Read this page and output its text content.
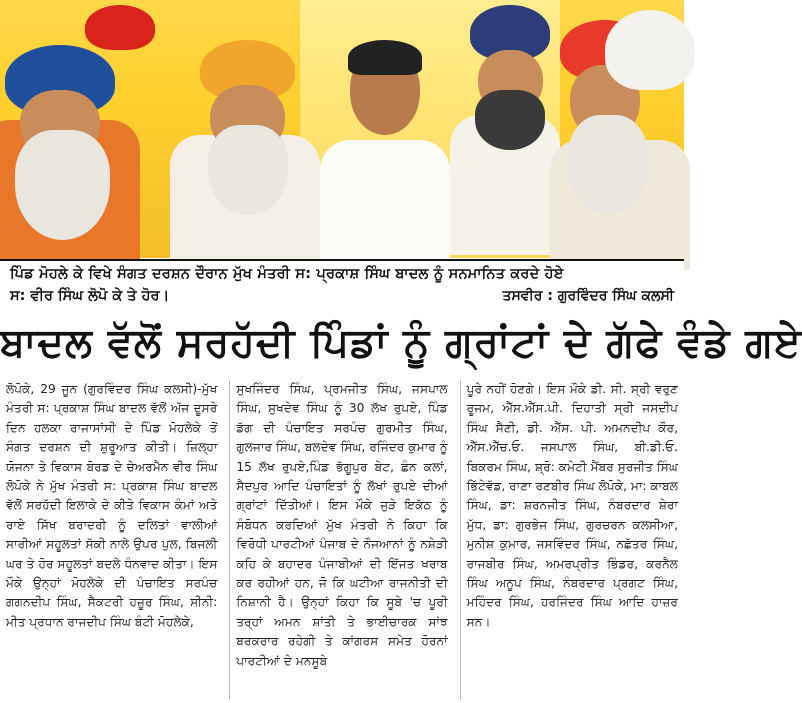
ਪਿੰਡ ਮੋਹਲੇ ਕੇ ਵਿਖੇ ਸੰਗਤ ਦਰਸ਼ਨ ਦੌਰਾਨ ਮੁੱਖ ਮੰਤਰੀ ਸ: ਪ੍ਰਕਾਸ਼ ਸਿੰਘ ਬਾਦਲ ਨੂੰ ਸਨਮਾਨਿਤ ਕਰਦੇ ਹੋਏ
ਸ: ਵੀਰ ਸਿੰਘ ਲੋਪੋ ਕੇ ਤੇ ਹੋਰ।	ਤਸਵੀਰ : ਗੁਰਵਿੰਦਰ ਸਿੰਘ ਕਲਸੀ
ਬਾਦਲ ਵੱਲੋਂ ਸਰਹੱਦੀ ਪਿੰਡਾਂ ਨੂੰ ਗ੍ਰਾਂਟਾਂ ਦੇ ਗੱਫੇ ਵੰਡੇ ਗਏ
ਲੋਪੋਕੇ, 29 ਜੂਨ (ਗੁਰਵਿੰਦਰ ਸਿੰਘ ਕਲਸੀ)-ਮੁੱਖ ਮੰਤਰੀ ਸ: ਪ੍ਰਕਾਸ਼ ਸਿੰਘ ਬਾਦਲ ਵੱਲੋਂ ਅੱਜ ਦੂਸਰੇ ਦਿਨ ਹਲਕਾ ਰਾਜਾਸਾਂਸੀ ਦੇ ਪਿੰਡ ਮੋਹਲੇਕੇ ਤੋਂ ਸੰਗਤ ਦਰਸ਼ਨ ਦੀ ਸ਼ੁਰੂਆਤ ਕੀਤੀ। ਜ਼ਿਲ੍ਹਾ ਯੋਜਨਾ ਤੇ ਵਿਕਾਸ ਬੋਰਡ ਦੇ ਚੇਅਰਮੈਨ ਵੀਰ ਸਿੰਘ ਲੋਪੋਕੇ ਨੇ ਮੁੱਖ ਮੰਤਰੀ ਸ: ਪ੍ਰਕਾਸ਼ ਸਿੰਘ ਬਾਦਲ ਵੱਲੋਂ ਸਰਹੱਦੀ ਇਲਾਕੇ ਦੇ ਕੀਤੇ ਵਿਕਾਸ ਕੰਮਾਂ ਅਤੇ ਰਾਏ ਸਿੱਖ ਬਰਾਦਰੀ ਨੂੰ ਦਲਿਤਾਂ ਵਾਲੀਆਂ ਸਾਰੀਆਂ ਸਹੂਲਤਾਂ ਸੱਕੀ ਨਾਲੇ ਉਪਰ ਪੁਲ, ਬਿਜਲੀ ਘਰ ਤੇ ਹੋਰ ਸਹੂਲਤਾਂ ਬਦਲੇ ਧੰਨਵਾਦ ਕੀਤਾ। ਇਸ ਮੌਕੇ ਉਨ੍ਹਾਂ ਮੋਹਲੇਕੇ ਦੀ ਪੰਚਾਇਤ ਸਰਪੰਚ ਗਗਨਦੀਪ ਸਿੰਘ, ਸੈਕਟਰੀ ਹਜ਼ੂਰ ਸਿੰਘ, ਸੀਨੀ: ਮੀਤ ਪ੍ਰਧਾਨ ਰਾਜਦੀਪ ਸਿੰਘ ਬੰਟੀ ਮੋਹਲੇਕੇ,
ਸੁਖਜਿੰਦਰ ਸਿੰਘ, ਪ੍ਰਮਜੀਤ ਸਿੰਘ, ਜਸਪਾਲ ਸਿੰਘ, ਸੁਖਦੇਵ ਸਿੰਘ ਨੂੰ 30 ਲੱਖ ਰੁਪਏ, ਪਿੰਡ ਡੱਗ ਦੀ ਪੰਚਾਇਤ ਸਰਪੰਚ ਗੁਰਮੀਤ ਸਿੰਘ, ਗੁਲਜਾਰ ਸਿੰਘ, ਬਲਦੇਵ ਸਿੰਘ, ਰਜਿੰਦਰ ਕੁਮਾਰ ਨੂੰ 15 ਲੱਖ ਰੁਪਏ,ਪਿੰਡ ਭੱਗੂਪੁਰ ਬੇਟ, ਛੰਨ ਕਲਾਂ, ਸੈਦਪੁਰ ਆਦਿ ਪੰਚਾਇਤਾਂ ਨੂੰ ਲੱਖਾਂ ਰੁਪਏ ਦੀਆਂ ਗ੍ਰਾਂਟਾਂ ਦਿੱਤੀਆਂ। ਇਸ ਮੌਕੇ ਜੁੜੇ ਇਕੱਠ ਨੂੰ ਸੰਬੋਧਨ ਕਰਦਿਆਂ ਮੁੱਖ ਮੰਤਰੀ ਨੇ ਕਿਹਾ ਕਿ ਵਿਰੋਧੀ ਪਾਰਟੀਆਂ ਪੰਜਾਬ ਦੇ ਨੌਜਆਨਾਂ ਨੂੰ ਨਸ਼ੇੜੀ ਕਹਿ ਕੇ ਬਹਾਦਰ ਪੰਜਾਬੀਆਂ ਦੀ ਇੱਜਤ ਖਰਾਬ ਕਰ ਰਹੀਆਂ ਹਨ, ਜੋ ਕਿ ਘਟੀਆ ਰਾਜਨੀਤੀ ਦੀ ਨਿਸ਼ਾਨੀ ਹੈ। ਉਨ੍ਹਾਂ ਕਿਹਾ ਕਿ ਸੂਬੇ 'ਚ ਪੂਰੀ ਤਰ੍ਹਾਂ ਅਮਨ ਸ਼ਾਂਤੀ ਤੇ ਭਾਈਚਾਰਕ ਸਾਂਝ ਬਰਕਰਾਰ ਰਹੇਗੀ ਤੇ ਕਾਂਗਰਸ ਸਮੇਤ ਹੋਰਨਾਂ ਪਾਰਟੀਆਂ ਦੇ ਮਨਸੂਬੇ
ਪੂਰੇ ਨਹੀਂ ਹੋਣਗੇ। ਇਸ ਮੌਕੇ ਡੀ. ਸੀ. ਸ੍ਰੀ ਵਰੁਣ ਰੂਜਮ, ਐੱਸ.ਐੱਸ.ਪੀ. ਦਿਹਾਤੀ ਸ੍ਰੀ ਜਸਦੀਪ ਸਿੰਘ ਸੈਣੀ, ਡੀ. ਐੱਸ. ਪੀ. ਅਮਨਦੀਪ ਕੌਰ, ਐੱਸ.ਐੱਚ.ਓ. ਜਸਪਾਲ ਸਿੰਘ, ਬੀ.ਡੀ.ਓ. ਬਿਕਰਮ ਸਿੰਘ, ਸ਼੍ਰੋ: ਕਮੇਟੀ ਮੈਂਬਰ ਸੁਰਜੀਤ ਸਿੰਘ ਭਿੱਟੇਵੱਡ, ਰਾਣਾ ਰਣਬੀਰ ਸਿੰਘ ਲੋਪੋਕੇ, ਮਾ: ਕਾਬਲ ਸਿੰਘ, ਡਾ: ਸ਼ਰਨਜੀਤ ਸਿੰਘ, ਨੰਬਰਦਾਰ ਸ਼ੇਰਾ ਮੁੱਧ, ਡਾ: ਗੁਰਭੇਜ ਸਿੰਘ, ਗੁਰਚਰਨ ਕਲਸੀਆ, ਮੁਨੀਸ਼ ਕੁਮਾਰ, ਜਸਵਿੰਦਰ ਸਿੰਘ, ਨਛੱਤਰ ਸਿੰਘ, ਰਾਜਬੀਰ ਸਿੰਘ, ਅਮਰਪ੍ਰੀਤ ਭਿੰਡਰ, ਕਰਨੈਲ ਸਿੰਘ ਅਨੂਪ ਸਿੰਘ, ਨੰਬਰਦਾਰ ਪ੍ਰਗਟ ਸਿੰਘ, ਮਹਿੰਦਰ ਸਿੰਘ, ਹਰਜਿੰਦਰ ਸਿੰਘ ਆਦਿ ਹਾਜ਼ਰ ਸਨ।
